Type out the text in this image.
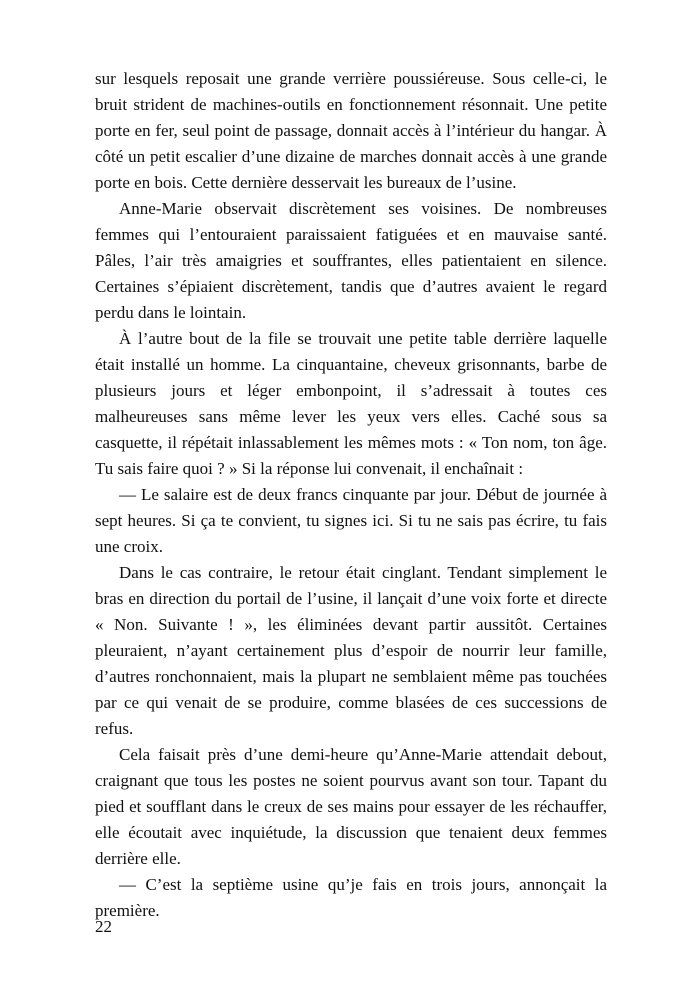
sur lesquels reposait une grande verrière poussiéreuse. Sous celle-ci, le bruit strident de machines-outils en fonctionnement résonnait. Une petite porte en fer, seul point de passage, donnait accès à l’intérieur du hangar. À côté un petit escalier d’une dizaine de marches donnait accès à une grande porte en bois. Cette dernière desservait les bureaux de l’usine.

Anne-Marie observait discrètement ses voisines. De nombreuses femmes qui l’entouraient paraissaient fatiguées et en mauvaise santé. Pâles, l’air très amaigries et souffrantes, elles patientaient en silence. Certaines s’épiaient discrètement, tandis que d’autres avaient le regard perdu dans le lointain.

À l’autre bout de la file se trouvait une petite table derrière laquelle était installé un homme. La cinquantaine, cheveux grisonnants, barbe de plusieurs jours et léger embonpoint, il s’adressait à toutes ces malheureuses sans même lever les yeux vers elles. Caché sous sa casquette, il répétait inlassablement les mêmes mots : « Ton nom, ton âge. Tu sais faire quoi ? » Si la réponse lui convenait, il enchaînait :

— Le salaire est de deux francs cinquante par jour. Début de journée à sept heures. Si ça te convient, tu signes ici. Si tu ne sais pas écrire, tu fais une croix.

Dans le cas contraire, le retour était cinglant. Tendant simplement le bras en direction du portail de l’usine, il lançait d’une voix forte et directe « Non. Suivante ! », les éliminées devant partir aussitôt. Certaines pleuraient, n’ayant certainement plus d’espoir de nourrir leur famille, d’autres ronchonnaient, mais la plupart ne semblaient même pas touchées par ce qui venait de se produire, comme blasées de ces successions de refus.

Cela faisait près d’une demi-heure qu’Anne-Marie attendait debout, craignant que tous les postes ne soient pourvus avant son tour. Tapant du pied et soufflant dans le creux de ses mains pour essayer de les réchauffer, elle écoutait avec inquiétude, la discussion que tenaient deux femmes derrière elle.

— C’est la septième usine qu’je fais en trois jours, annonçait la première.

22
